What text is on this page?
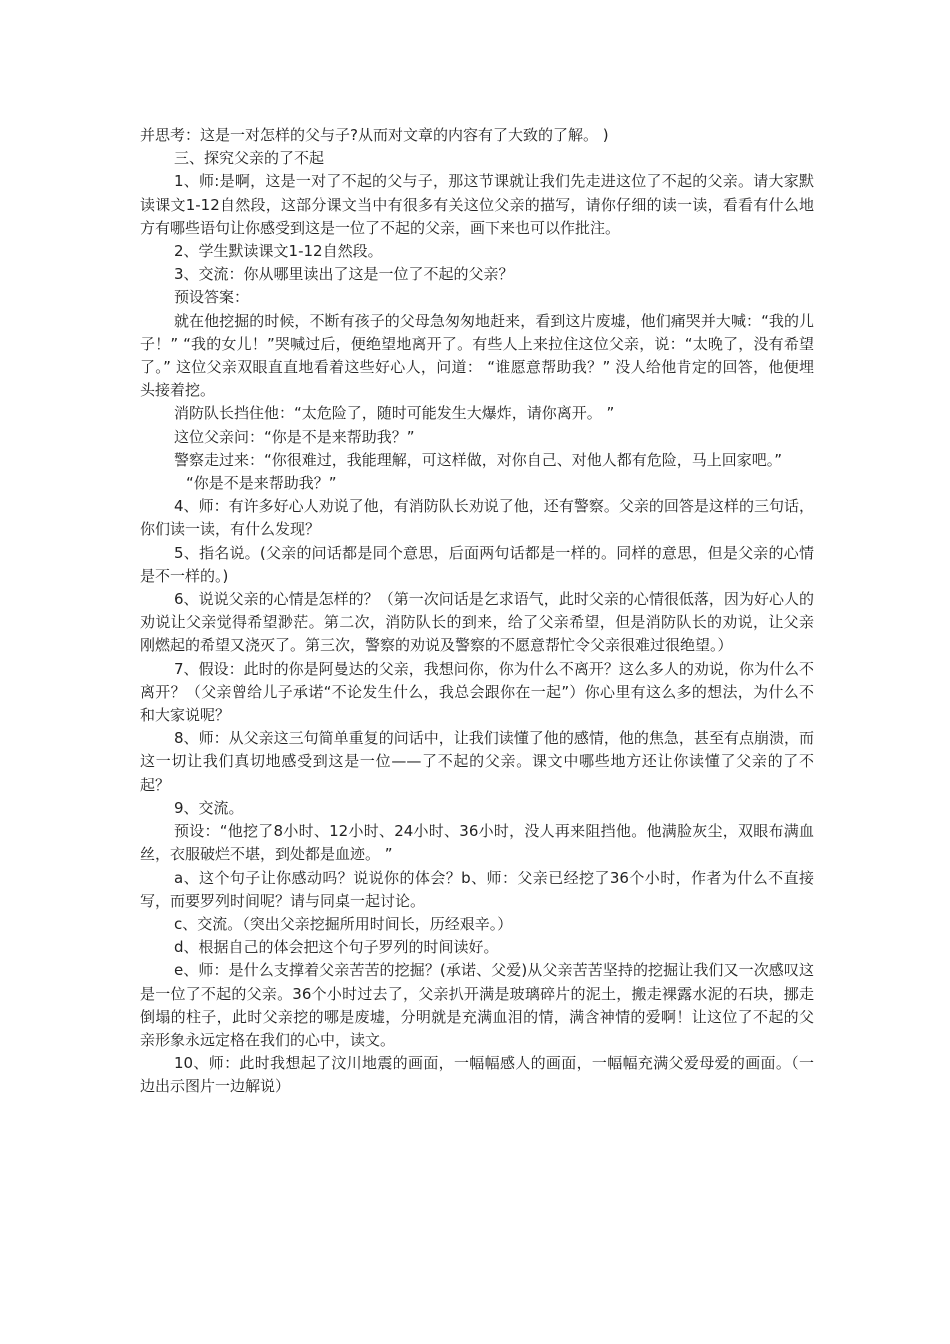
并思考：这是一对怎样的父与子?从而对文章的内容有了大致的了解。 )

三、探究父亲的了不起

1、师:是啊，这是一对了不起的父与子，那这节课就让我们先走进这位了不起的父亲。请大家默读课文1-12自然段，这部分课文当中有很多有关这位父亲的描写，请你仔细的读一读，看看有什么地方有哪些语句让你感受到这是一位了不起的父亲，画下来也可以作批注。

2、学生默读课文1-12自然段。

3、交流：你从哪里读出了这是一位了不起的父亲？

预设答案：

就在他挖掘的时候，不断有孩子的父母急匆匆地赶来，看到这片废墟，他们痛哭并大喊：“我的儿子！” “我的女儿！”哭喊过后，便绝望地离开了。有些人上来拉住这位父亲，说：“太晚了，没有希望了。” 这位父亲双眼直直地看着这些好心人，问道： “谁愿意帮助我？” 没人给他肯定的回答，他便埋头接着挖。

消防队长挡住他：“太危险了，随时可能发生大爆炸，请你离开。 ”

这位父亲问：“你是不是来帮助我？”

警察走过来：“你很难过，我能理解，可这样做，对你自己、对他人都有危险，马上回家吧。”

“你是不是来帮助我？”

4、师：有许多好心人劝说了他，有消防队长劝说了他，还有警察。父亲的回答是这样的三句话，你们读一读，有什么发现？

5、指名说。(父亲的问话都是同个意思，后面两句话都是一样的。同样的意思，但是父亲的心情是不一样的。)

6、说说父亲的心情是怎样的？（第一次问话是乞求语气，此时父亲的心情很低落，因为好心人的劝说让父亲觉得希望渺茫。第二次，消防队长的到来，给了父亲希望，但是消防队长的劝说，让父亲刚燃起的希望又浇灭了。第三次，警察的劝说及警察的不愿意帮忙令父亲很难过很绝望。）

7、假设：此时的你是阿曼达的父亲，我想问你，你为什么不离开？这么多人的劝说，你为什么不离开？（父亲曾给儿子承诺“不论发生什么，我总会跟你在一起”）你心里有这么多的想法，为什么不和大家说呢？

8、师：从父亲这三句简单重复的问话中，让我们读懂了他的感情，他的焦急，甚至有点崩溃，而这一切让我们真切地感受到这是一位——了不起的父亲。课文中哪些地方还让你读懂了父亲的了不起？

9、交流。

预设：“他挖了8小时、12小时、24小时、36小时，没人再来阻挡他。他满脸灰尘，双眼布满血丝，衣服破烂不堪，到处都是血迹。 ”

a、这个句子让你感动吗？说说你的体会？b、师：父亲已经挖了36个小时，作者为什么不直接写，而要罗列时间呢？请与同桌一起讨论。

c、交流。（突出父亲挖掘所用时间长，历经艰辛。）

d、根据自己的体会把这个句子罗列的时间读好。

e、师：是什么支撑着父亲苦苦的挖掘？(承诺、父爱)从父亲苦苦坚持的挖掘让我们又一次感叹这是一位了不起的父亲。36个小时过去了，父亲扒开满是玻璃碎片的泥土，搬走裸露水泥的石块，挪走倒塌的柱子，此时父亲挖的哪是废墟，分明就是充满血泪的情，满含神情的爱啊！让这位了不起的父亲形象永远定格在我们的心中，读文。

10、师：此时我想起了汶川地震的画面，一幅幅感人的画面，一幅幅充满父爱母爱的画面。（一边出示图片一边解说）
